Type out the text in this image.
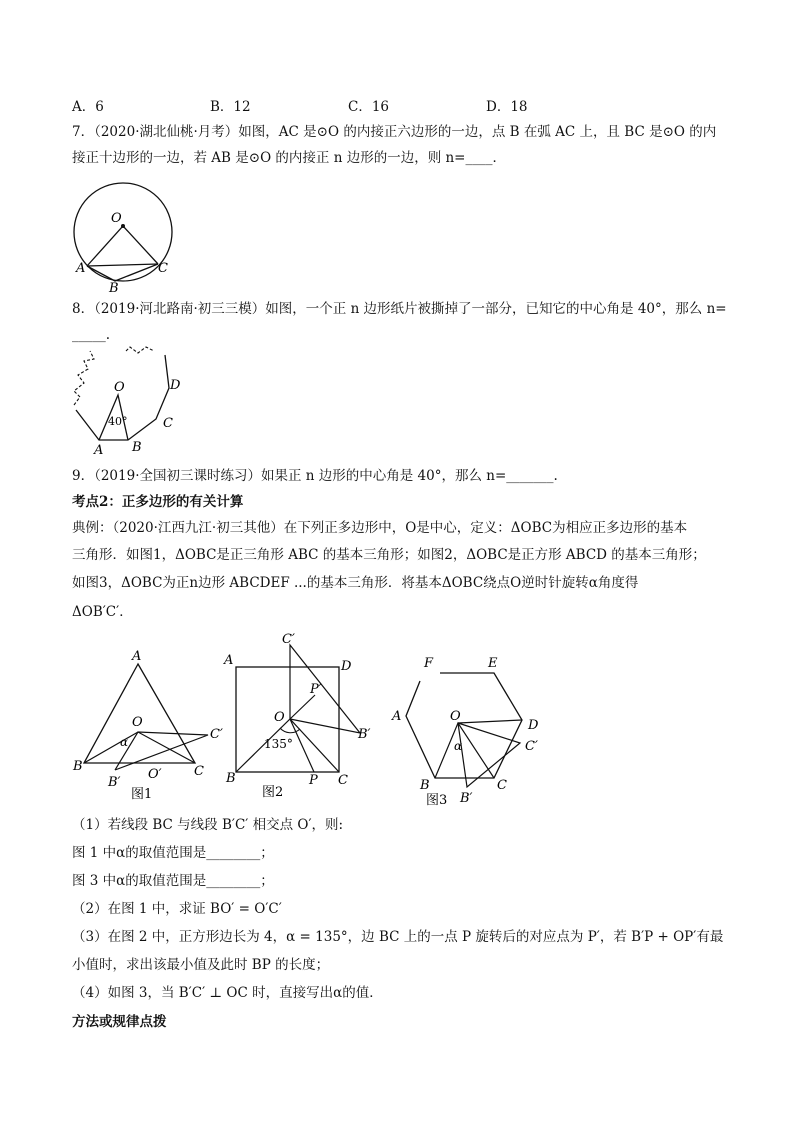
A．6	B．12	C．16	D．18
7．（2020·湖北仙桃·月考）如图，AC 是⊙O 的内接正六边形的一边，点 B 在弧 AC 上，且 BC 是⊙O 的内
接正十边形的一边，若 AB 是⊙O 的内接正 n 边形的一边，则 n=____．
O
A
B
C
8．（2019·河北路南·初三三模）如图，一个正 n 边形纸片被撕掉了一部分，已知它的中心角是 40°，那么 n=
_____.
O
40°
A B
C
D
9．（2019·全国初三课时练习）如果正 n 边形的中心角是 40°，那么 n=_______.
考点2：正多边形的有关计算
典例：（2020·江西九江·初三其他）在下列正多边形中，O是中心，定义：ΔOBC为相应正多边形的基本
三角形．如图1，ΔOBC是正三角形 ABC 的基本三角形；如图2，ΔOBC是正方形 ABCD 的基本三角形；
如图3，ΔOBC为正n边形 ABCDEF ...的基本三角形．将基本ΔOBC绕点O逆时针旋转α角度得
ΔOB′C′．
A
O
α
B
B′
O′ C
C′
图1
A
C′
D
P′
O
B′
135°
B	P C
图2
F	E
A	O
D
α	C′
B
B′
C
图3
（1）若线段 BC 与线段 B′C′ 相交点 O′，则:
图 1 中α的取值范围是________；
图 3 中α的取值范围是________；
（2）在图 1 中，求证 BO′ = O′C′
（3）在图 2 中，正方形边长为 4，α = 135°，边 BC 上的一点 P 旋转后的对应点为 P′，若 B′P + OP′有最
小值时，求出该最小值及此时 BP 的长度；
（4）如图 3，当 B′C′ ⊥ OC 时，直接写出α的值．
方法或规律点拨
